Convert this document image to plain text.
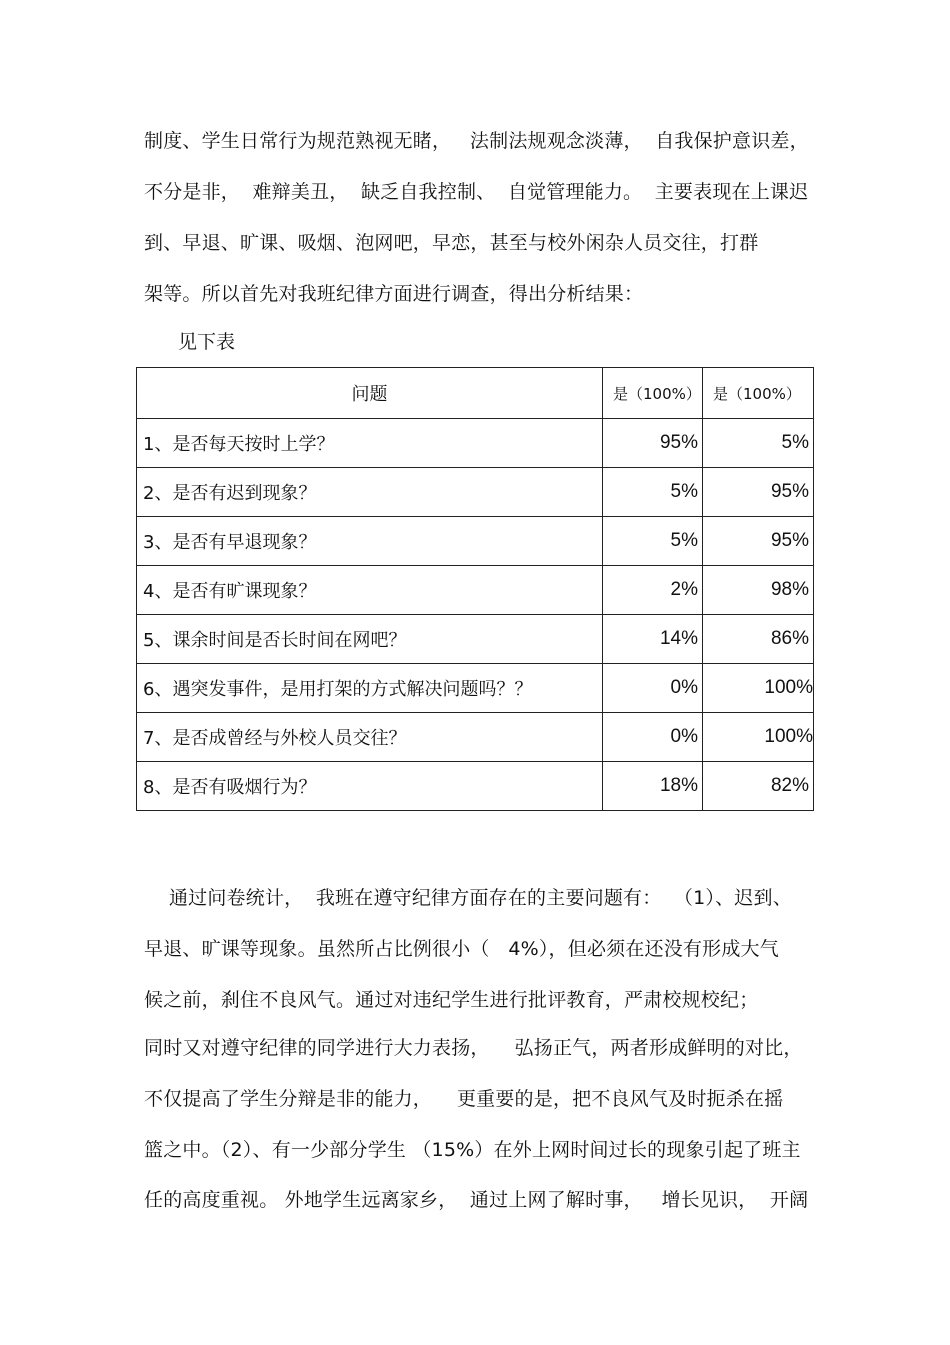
制度、学生日常行为规范熟视无睹，   法制法规观念淡薄，  自我保护意识差，
不分是非，  难辩美丑，  缺乏自我控制、  自觉管理能力。  主要表现在上课迟
到、早退、旷课、吸烟、泡网吧，早恋，甚至与校外闲杂人员交往，打群
架等。所以首先对我班纪律方面进行调查，得出分析结果：
见下表
问题	是（100%）	是（100%）
1、是否每天按时上学？	95%	5%
2、是否有迟到现象？	5%	95%
3、是否有早退现象？	5%	95%
4、是否有旷课现象？	2%	98%
5、课余时间是否长时间在网吧？	14%	86%
6、遇突发事件，是用打架的方式解决问题吗？？	0%	100%
7、是否成曾经与外校人员交往？	0%	100%
8、是否有吸烟行为？	18%	82%
通过问卷统计，  我班在遵守纪律方面存在的主要问题有：  （1）、迟到、
早退、旷课等现象。虽然所占比例很小（   4%），但必须在还没有形成大气
候之前，刹住不良风气。通过对违纪学生进行批评教育，严肃校规校纪；
同时又对遵守纪律的同学进行大力表扬，    弘扬正气，两者形成鲜明的对比，
不仅提高了学生分辩是非的能力，    更重要的是，把不良风气及时扼杀在摇
篮之中。（2）、有一少部分学生 （15%）在外上网时间过长的现象引起了班主
任的高度重视。 外地学生远离家乡，  通过上网了解时事，   增长见识，  开阔
